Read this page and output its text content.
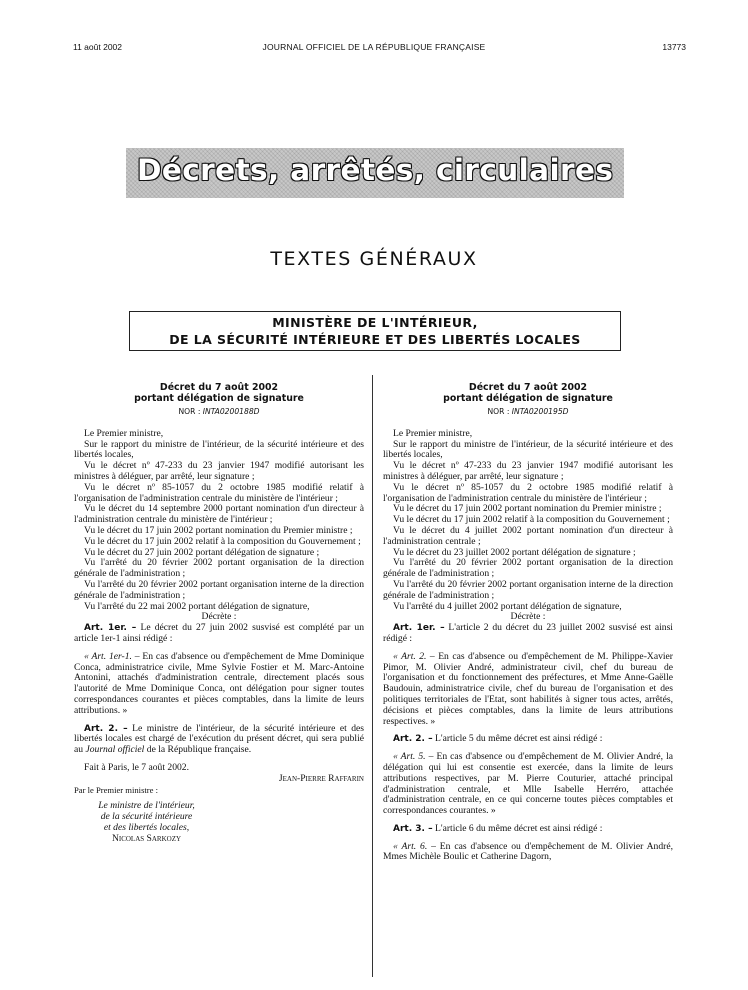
11 août 2002	JOURNAL OFFICIEL DE LA RÉPUBLIQUE FRANÇAISE	13773
Décrets, arrêtés, circulaires
TEXTES GÉNÉRAUX
MINISTÈRE DE L'INTÉRIEUR,
DE LA SÉCURITÉ INTÉRIEURE ET DES LIBERTÉS LOCALES
Décret du 7 août 2002
portant délégation de signature
NOR : INTA0200188D

Le Premier ministre,

Sur le rapport du ministre de l'intérieur, de la sécurité intérieure et des libertés locales,

Vu le décret nº 47-233 du 23 janvier 1947 modifié autorisant les ministres à déléguer, par arrêté, leur signature ;

Vu le décret nº 85-1057 du 2 octobre 1985 modifié relatif à l'organisation de l'administration centrale du ministère de l'intérieur ;

Vu le décret du 14 septembre 2000 portant nomination d'un directeur à l'administration centrale du ministère de l'intérieur ;

Vu le décret du 17 juin 2002 portant nomination du Premier ministre ;

Vu le décret du 17 juin 2002 relatif à la composition du Gouvernement ;

Vu le décret du 27 juin 2002 portant délégation de signature ;

Vu l'arrêté du 20 février 2002 portant organisation de la direction générale de l'administration ;

Vu l'arrêté du 20 février 2002 portant organisation interne de la direction générale de l'administration ;

Vu l'arrêté du 22 mai 2002 portant délégation de signature,

Décrète :

Art. 1er. – Le décret du 27 juin 2002 susvisé est complété par un article 1er-1 ainsi rédigé :

« Art. 1er-1. – En cas d'absence ou d'empêchement de Mme Dominique Conca, administratrice civile, Mme Sylvie Fostier et M. Marc-Antoine Antonini, attachés d'administration centrale, directement placés sous l'autorité de Mme Dominique Conca, ont délégation pour signer toutes correspondances courantes et pièces comptables, dans la limite de leurs attributions. »

Art. 2. – Le ministre de l'intérieur, de la sécurité intérieure et des libertés locales est chargé de l'exécution du présent décret, qui sera publié au Journal officiel de la République française.

Fait à Paris, le 7 août 2002.

Jean-Pierre Raffarin

Par le Premier ministre :

Le ministre de l'intérieur,
de la sécurité intérieure
et des libertés locales,
Nicolas Sarkozy
Décret du 7 août 2002
portant délégation de signature
NOR : INTA0200195D

Le Premier ministre,

Sur le rapport du ministre de l'intérieur, de la sécurité intérieure et des libertés locales,

Vu le décret nº 47-233 du 23 janvier 1947 modifié autorisant les ministres à déléguer, par arrêté, leur signature ;

Vu le décret nº 85-1057 du 2 octobre 1985 modifié relatif à l'organisation de l'administration centrale du ministère de l'intérieur ;

Vu le décret du 17 juin 2002 portant nomination du Premier ministre ;

Vu le décret du 17 juin 2002 relatif à la composition du Gouvernement ;

Vu le décret du 4 juillet 2002 portant nomination d'un directeur à l'administration centrale ;

Vu le décret du 23 juillet 2002 portant délégation de signature ;

Vu l'arrêté du 20 février 2002 portant organisation de la direction générale de l'administration ;

Vu l'arrêté du 20 février 2002 portant organisation interne de la direction générale de l'administration ;

Vu l'arrêté du 4 juillet 2002 portant délégation de signature,

Décrète :

Art. 1er. – L'article 2 du décret du 23 juillet 2002 susvisé est ainsi rédigé :

« Art. 2. – En cas d'absence ou d'empêchement de M. Philippe-Xavier Pimor, M. Olivier André, administrateur civil, chef du bureau de l'organisation et du fonctionnement des préfectures, et Mme Anne-Gaëlle Baudouin, administratrice civile, chef du bureau de l'organisation et des politiques territoriales de l'Etat, sont habilités à signer tous actes, arrêtés, décisions et pièces comptables, dans la limite de leurs attributions respectives. »

Art. 2. – L'article 5 du même décret est ainsi rédigé :

« Art. 5. – En cas d'absence ou d'empêchement de M. Olivier André, la délégation qui lui est consentie est exercée, dans la limite de leurs attributions respectives, par M. Pierre Couturier, attaché principal d'administration centrale, et Mlle Isabelle Herréro, attachée d'administration centrale, en ce qui concerne toutes pièces comptables et correspondances courantes. »

Art. 3. – L'article 6 du même décret est ainsi rédigé :

« Art. 6. – En cas d'absence ou d'empêchement de M. Olivier André, Mmes Michèle Boulic et Catherine Dagorn,
